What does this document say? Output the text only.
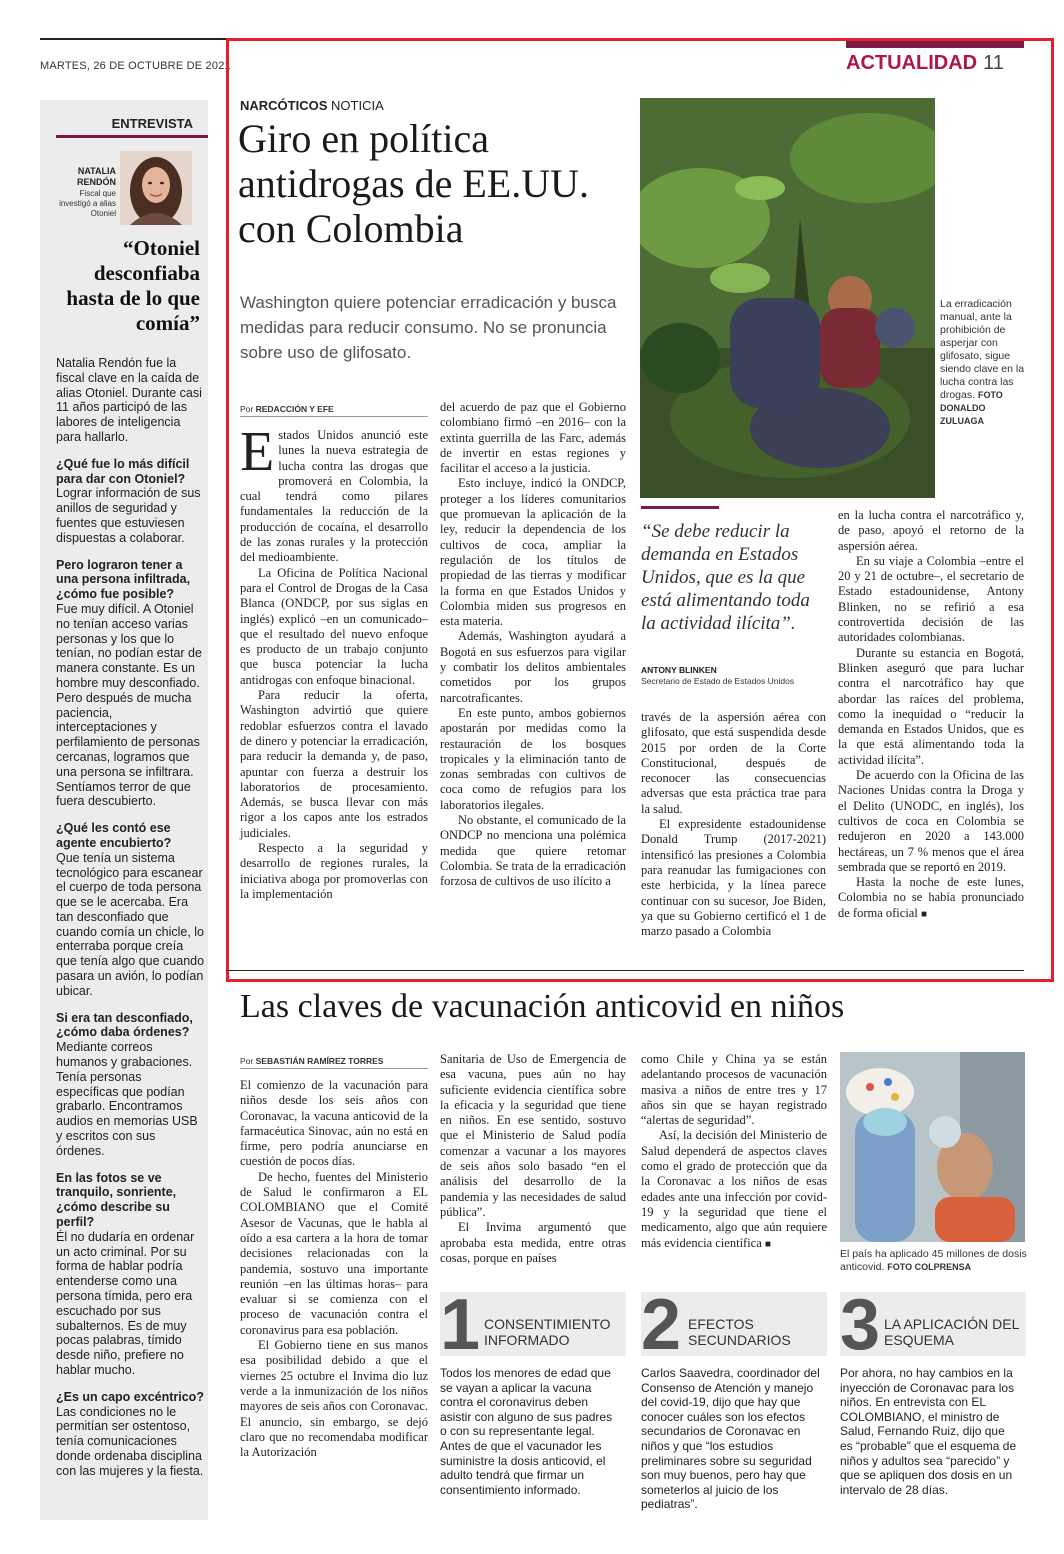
MARTES, 26 DE OCTUBRE DE 2021	ACTUALIDAD 11
ENTREVISTA
NATALIA RENDÓN
Fiscal que investigó a alias Otoniel
“Otoniel desconfiaba hasta de lo que comía”

Natalia Rendón fue la fiscal clave en la caída de alias Otoniel. Durante casi 11 años participó de las labores de inteligencia para hallarlo.

¿Qué fue lo más difícil para dar con Otoniel?

Lograr información de sus anillos de seguridad y fuentes que estuviesen dispuestas a colaborar.

Pero lograron tener a una persona infiltrada, ¿cómo fue posible?

Fue muy difícil. A Otoniel no tenían acceso varias personas y los que lo tenían, no podían estar de manera constante. Es un hombre muy desconfiado. Pero después de mucha paciencia, interceptaciones y perfilamiento de personas cercanas, logramos que una persona se infiltrara. Sentíamos terror de que fuera descubierto.

¿Qué les contó ese agente encubierto?

Que tenía un sistema tecnológico para escanear el cuerpo de toda persona que se le acercaba. Era tan desconfiado que cuando comía un chicle, lo enterraba porque creía que tenía algo que cuando pasara un avión, lo podían ubicar.

Si era tan desconfiado, ¿cómo daba órdenes?

Mediante correos humanos y grabaciones. Tenía personas específicas que podían grabarlo. Encontramos audios en memorias USB y escritos con sus órdenes.

En las fotos se ve tranquilo, sonriente, ¿cómo describe su perfil?

Él no dudaría en ordenar un acto criminal. Por su forma de hablar podría entenderse como una persona tímida, pero era escuchado por sus subalternos. Es de muy pocas palabras, tímido desde niño, prefiere no hablar mucho.

¿Es un capo excéntrico?

Las condiciones no le permitían ser ostentoso, tenía comunicaciones donde ordenaba disciplina con las mujeres y la fiesta.

NARCÓTICOS NOTICIA
Giro en política antidrogas de EE.UU. con Colombia
Washington quiere potenciar erradicación y busca medidas para reducir consumo. No se pronuncia sobre uso de glifosato.
La erradicación manual, ante la prohibición de asperjar con glifosato, sigue siendo clave en la lucha contra las drogas. FOTO DONALDO ZULUAGA
Por REDACCIÓN Y EFE

Estados Unidos anunció este lunes la nueva estrategia de lucha contra las drogas que promoverá en Colombia, la cual tendrá como pilares fundamentales la reducción de la producción de cocaína, el desarrollo de las zonas rurales y la protección del medioambiente.

La Oficina de Política Nacional para el Control de Drogas de la Casa Blanca (ONDCP, por sus siglas en inglés) explicó –en un comunicado– que el resultado del nuevo enfoque es producto de un trabajo conjunto que busca potenciar la lucha antidrogas con enfoque binacional.

Para reducir la oferta, Washington advirtió que quiere redoblar esfuerzos contra el lavado de dinero y potenciar la erradicación, para reducir la demanda y, de paso, apuntar con fuerza a destruir los laboratorios de procesamiento. Además, se busca llevar con más rigor a los capos ante los estrados judiciales.

Respecto a la seguridad y desarrollo de regiones rurales, la iniciativa aboga por promoverlas con la implementación

del acuerdo de paz que el Gobierno colombiano firmó –en 2016– con la extinta guerrilla de las Farc, además de invertir en estas regiones y facilitar el acceso a la justicia.

Esto incluye, indicó la ONDCP, proteger a los líderes comunitarios que promuevan la aplicación de la ley, reducir la dependencia de los cultivos de coca, ampliar la regulación de los títulos de propiedad de las tierras y modificar la forma en que Estados Unidos y Colombia miden sus progresos en esta materia.

Además, Washington ayudará a Bogotá en sus esfuerzos para vigilar y combatir los delitos ambientales cometidos por los grupos narcotraficantes.

En este punto, ambos gobiernos apostarán por medidas como la restauración de los bosques tropicales y la eliminación tanto de zonas sembradas con cultivos de coca como de refugios para los laboratorios ilegales.

No obstante, el comunicado de la ONDCP no menciona una polémica medida que quiere retomar Colombia. Se trata de la erradicación forzosa de cultivos de uso ilícito a

“Se debe reducir la demanda en Estados Unidos, que es la que está alimentando toda la actividad ilícita”.
ANTONY BLINKEN
Secretario de Estado de Estados Unidos

través de la aspersión aérea con glifosato, que está suspendida desde 2015 por orden de la Corte Constitucional, después de reconocer las consecuencias adversas que esta práctica trae para la salud.

El expresidente estadounidense Donald Trump (2017-2021) intensificó las presiones a Colombia para reanudar las fumigaciones con este herbicida, y la línea parece continuar con su sucesor, Joe Biden, ya que su Gobierno certificó el 1 de marzo pasado a Colombia

en la lucha contra el narcotráfico y, de paso, apoyó el retorno de la aspersión aérea.

En su viaje a Colombia –entre el 20 y 21 de octubre–, el secretario de Estado estadounidense, Antony Blinken, no se refirió a esa controvertida decisión de las autoridades colombianas.

Durante su estancia en Bogotá, Blinken aseguró que para luchar contra el narcotráfico hay que abordar las raíces del problema, como la inequidad o “reducir la demanda en Estados Unidos, que es la que está alimentando toda la actividad ilícita”.

De acuerdo con la Oficina de las Naciones Unidas contra la Droga y el Delito (UNODC, en inglés), los cultivos de coca en Colombia se redujeron en 2020 a 143.000 hectáreas, un 7 % menos que el área sembrada que se reportó en 2019.

Hasta la noche de este lunes, Colombia no se había pronunciado de forma oficial ■

Las claves de vacunación anticovid en niños
Por SEBASTIÁN RAMÍREZ TORRES

El comienzo de la vacunación para niños desde los seis años con Coronavac, la vacuna anticovid de la farmacéutica Sinovac, aún no está en firme, pero podría anunciarse en cuestión de pocos días.

De hecho, fuentes del Ministerio de Salud le confirmaron a EL COLOMBIANO que el Comité Asesor de Vacunas, que le habla al oído a esa cartera a la hora de tomar decisiones relacionadas con la pandemia, sostuvo una importante reunión –en las últimas horas– para evaluar si se comienza con el proceso de vacunación contra el coronavirus para esa población.

El Gobierno tiene en sus manos esa posibilidad debido a que el viernes 25 octubre el Invima dio luz verde a la inmunización de los niños mayores de seis años con Coronavac. El anuncio, sin embargo, se dejó claro que no recomendaba modificar la Autorización

Sanitaria de Uso de Emergencia de esa vacuna, pues aún no hay suficiente evidencia científica sobre la eficacia y la seguridad que tiene en niños. En ese sentido, sostuvo que el Ministerio de Salud podía comenzar a vacunar a los mayores de seis años solo basado “en el análisis del desarrollo de la pandemia y las necesidades de salud pública”.

El Invima argumentó que aprobaba esta medida, entre otras cosas, porque en países

como Chile y China ya se están adelantando procesos de vacunación masiva a niños de entre tres y 17 años sin que se hayan registrado “alertas de seguridad”.

Así, la decisión del Ministerio de Salud dependerá de aspectos claves como el grado de protección que da la Coronavac a los niños de esas edades ante una infección por covid-19 y la seguridad que tiene el medicamento, algo que aún requiere más evidencia científica ■

El país ha aplicado 45 millones de dosis anticovid. FOTO COLPRENSA
1 CONSENTIMIENTO INFORMADO
Todos los menores de edad que se vayan a aplicar la vacuna contra el coronavirus deben asistir con alguno de sus padres o con su representante legal. Antes de que el vacunador les suministre la dosis anticovid, el adulto tendrá que firmar un consentimiento informado.
2 EFECTOS SECUNDARIOS
Carlos Saavedra, coordinador del Consenso de Atención y manejo del covid-19, dijo que hay que conocer cuáles son los efectos secundarios de Coronavac en niños y que “los estudios preliminares sobre su seguridad son muy buenos, pero hay que someterlos al juicio de los pediatras”.
3 LA APLICACIÓN DEL ESQUEMA
Por ahora, no hay cambios en la inyección de Coronavac para los niños. En entrevista con EL COLOMBIANO, el ministro de Salud, Fernando Ruiz, dijo que es “probable” que el esquema de niños y adultos sea “parecido” y que se apliquen dos dosis en un intervalo de 28 días.
